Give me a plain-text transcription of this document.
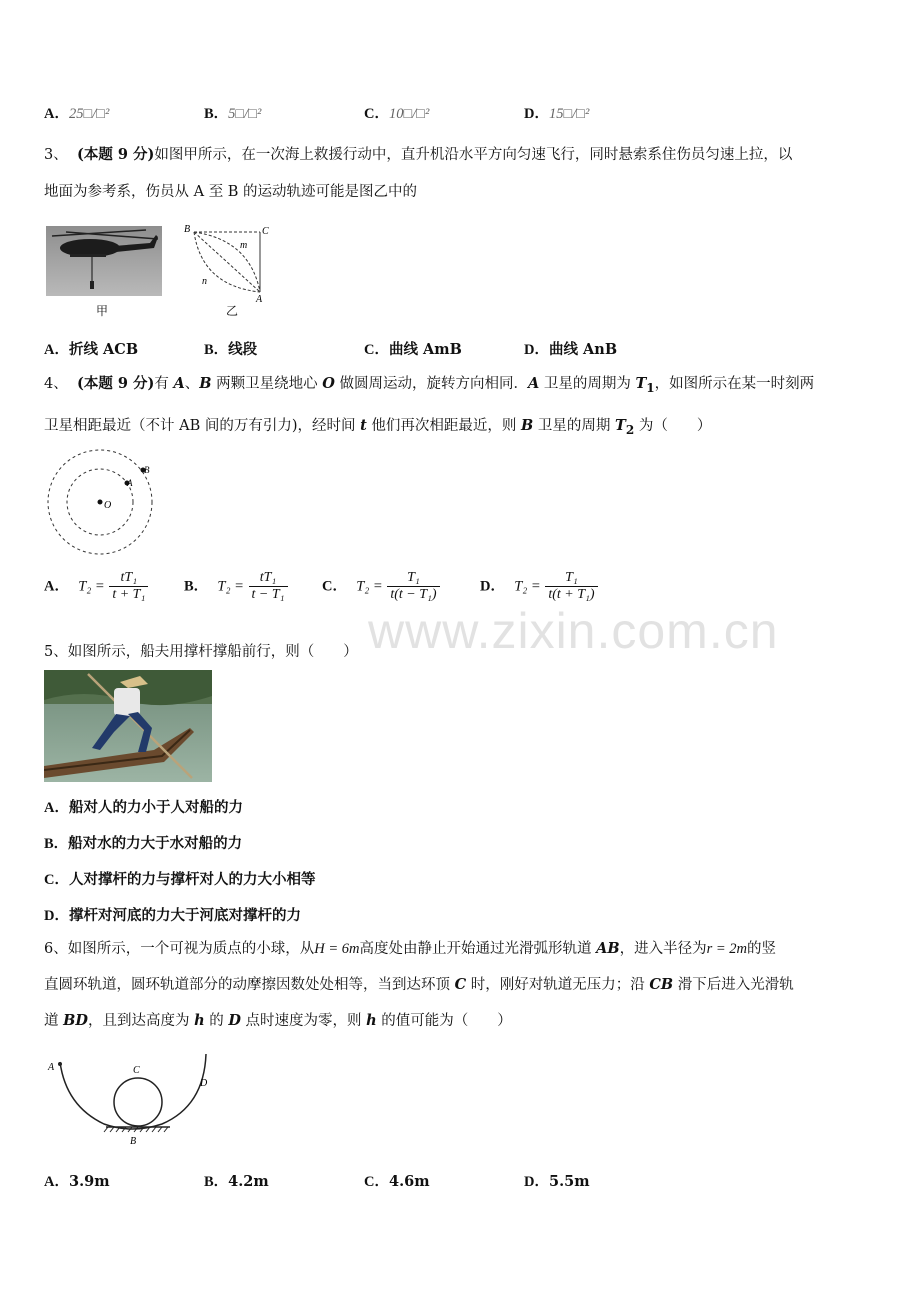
A．25□/□²	B．5□/□²	C．10□/□²	D．15□/□²
3、 (本题 9 分)如图甲所示，在一次海上救援行动中，直升机沿水平方向匀速飞行，同时悬索系住伤员匀速上拉，以
地面为参考系，伤员从 A 至 B 的运动轨迹可能是图乙中的
甲
B	C
A
m
n
乙
A．折线 ACB	B．线段	C．曲线 AmB	D．曲线 AnB
4、 (本题 9 分)有 A、B 两颗卫星绕地心 O 做圆周运动，旋转方向相同．A 卫星的周期为 $T_1$，如图所示在某一时刻两
卫星相距最近（不计 AB 间的万有引力)，经时间 t 他们再次相距最近，则 B 卫星的周期 $T_2$ 为（　　）
O
A
B
A． $T_2 = \frac{\text{tT₁}}{\text{t + T₁}}$ B． $T_2 = \frac{\text{tT₁}}{\text{t − T₁}}$ C． $T_2 = \frac{\text{T₁}}{\text{t(t − T₁)}}$	D． $T_2 = \frac{\text{T₁}}{\text{t(t + T₁)}}$
www.zixin.com.cn
5、如图所示，船夫用撑杆撑船前行，则（　　）
A．船对人的力小于人对船的力
B．船对水的力大于水对船的力
C．人对撑杆的力与撑杆对人的力大小相等
D．撑杆对河底的力大于河底对撑杆的力
6、如图所示，一个可视为质点的小球，从H = 6m高度处由静止开始通过光滑弧形轨道 AB，进入半径为r = 2m的竖
直圆环轨道，圆环轨道部分的动摩擦因数处处相等，当到达环顶 C 时，刚好对轨道无压力；沿 CB 滑下后进入光滑轨
道 BD，且到达高度为 h 的 D 点时速度为零，则 h 的值可能为（　　）
A	C
D
B
A．3.9m	B．4.2m	C．4.6m	D．5.5m
